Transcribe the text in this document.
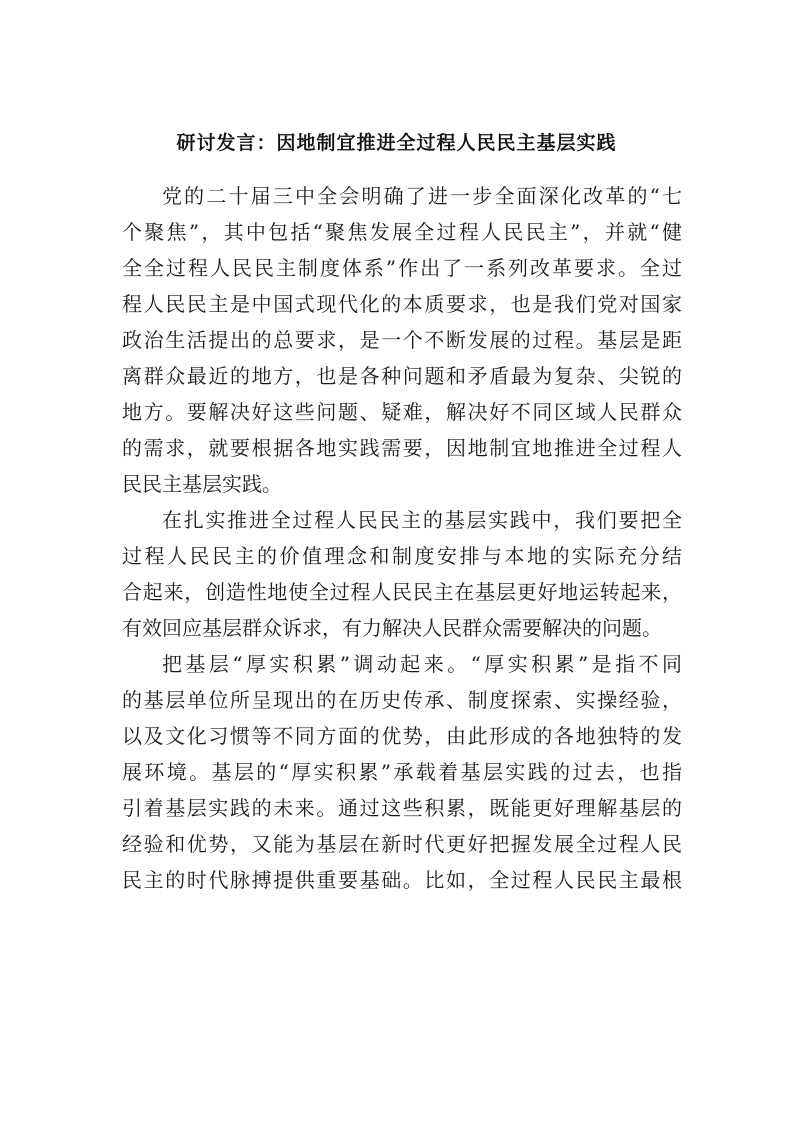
研讨发言：因地制宜推进全过程人民民主基层实践
党的二十届三中全会明确了进一步全面深化改革的“七
个聚焦”，其中包括“聚焦发展全过程人民民主”，并就“健
全全过程人民民主制度体系”作出了一系列改革要求。全过
程人民民主是中国式现代化的本质要求，也是我们党对国家
政治生活提出的总要求，是一个不断发展的过程。基层是距
离群众最近的地方，也是各种问题和矛盾最为复杂、尖锐的
地方。要解决好这些问题、疑难，解决好不同区域人民群众
的需求，就要根据各地实践需要，因地制宜地推进全过程人
民民主基层实践。
在扎实推进全过程人民民主的基层实践中，我们要把全
过程人民民主的价值理念和制度安排与本地的实际充分结
合起来，创造性地使全过程人民民主在基层更好地运转起来，
有效回应基层群众诉求，有力解决人民群众需要解决的问题。
把基层“厚实积累”调动起来。“厚实积累”是指不同
的基层单位所呈现出的在历史传承、制度探索、实操经验，
以及文化习惯等不同方面的优势，由此形成的各地独特的发
展环境。基层的“厚实积累”承载着基层实践的过去，也指
引着基层实践的未来。通过这些积累，既能更好理解基层的
经验和优势，又能为基层在新时代更好把握发展全过程人民
民主的时代脉搏提供重要基础。比如，全过程人民民主最根
